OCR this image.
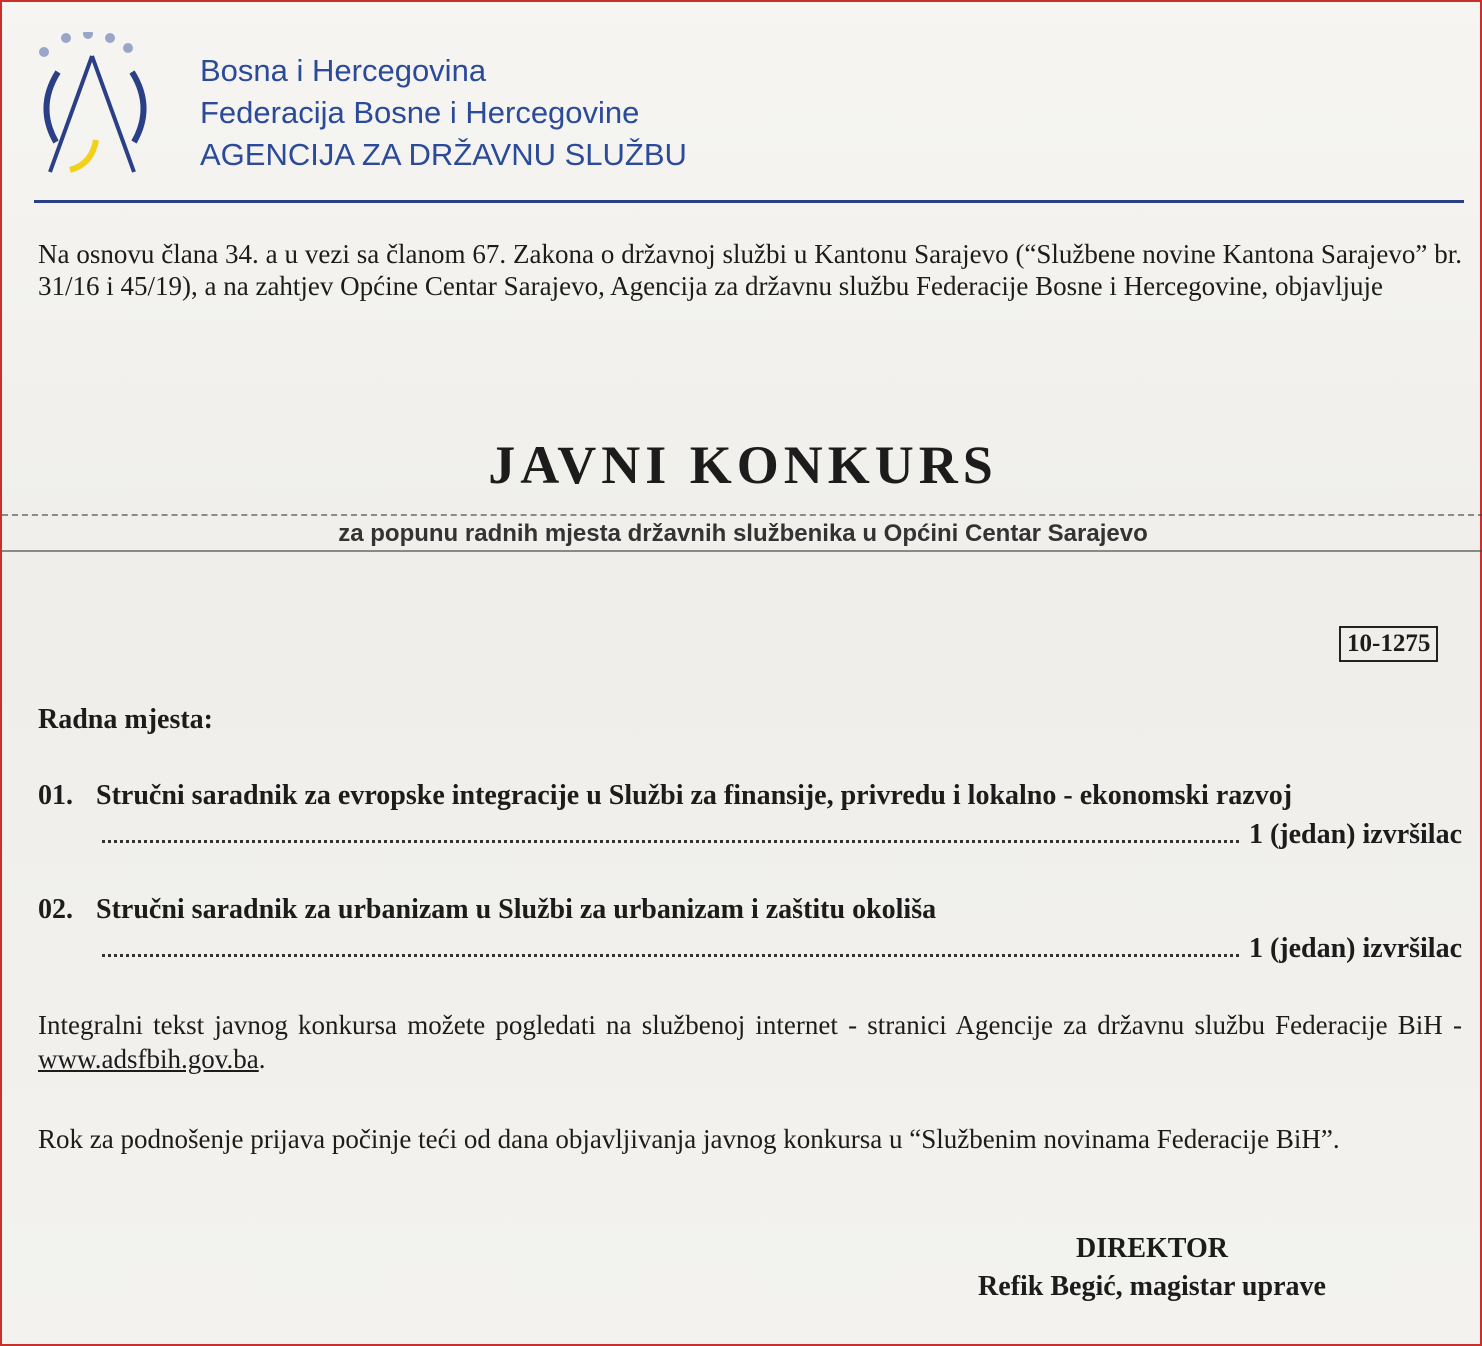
Bosna i Hercegovina
Federacija Bosne i Hercegovine
AGENCIJA ZA DRŽAVNU SLUŽBU
Na osnovu člana 34. a u vezi sa članom 67. Zakona o državnoj službi u Kantonu Sarajevo (“Službene novine Kantona Sarajevo” br. 31/16 i 45/19), a na zahtjev Općine Centar Sarajevo, Agencija za državnu službu Federacije Bosne i Hercegovine, objavljuje
JAVNI KONKURS
za popunu radnih mjesta državnih službenika u Općini Centar Sarajevo
10-1275
Radna mjesta:
01. Stručni saradnik za evropske integracije u Službi za finansije, privredu i lokalno - ekonomski razvoj
1 (jedan) izvršilac
02. Stručni saradnik za urbanizam u Službi za urbanizam i zaštitu okoliša
1 (jedan) izvršilac
Integralni tekst javnog konkursa možete pogledati na službenoj internet - stranici Agencije za državnu službu Federacije BiH - www.adsfbih.gov.ba.
Rok za podnošenje prijava počinje teći od dana objavljivanja javnog konkursa u “Službenim novinama Federacije BiH”.
DIREKTOR
Refik Begić, magistar uprave
